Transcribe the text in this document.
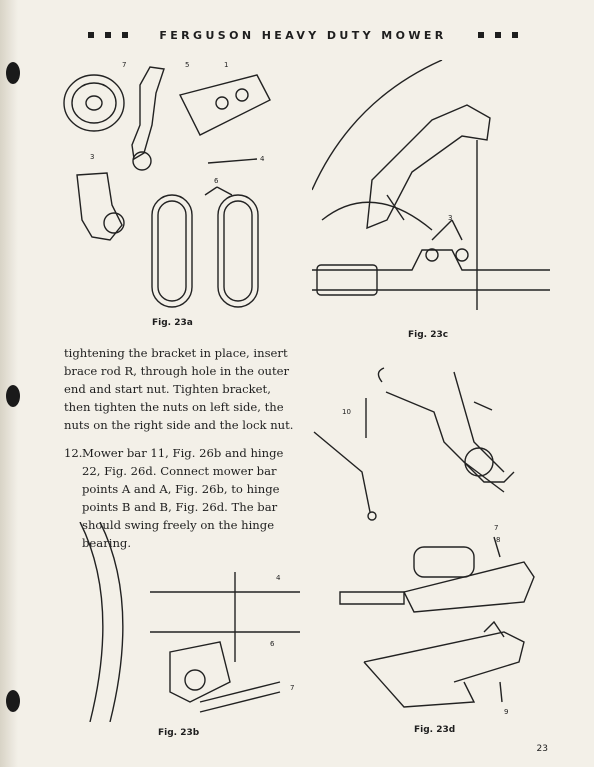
FERGUSON HEAVY DUTY MOWER
7	5	1
3	4
6
Fig. 23a
3
Fig. 23c

tightening the bracket in place, insert brace rod R, through hole in the outer end and start nut. Tighten bracket, then tighten the nuts on left side, the nuts on the right side and the lock nut.

12. Mower bar 11, Fig. 26b and hinge 22, Fig. 26d. Connect mower bar points A and A, Fig. 26b, to hinge points B and B, Fig. 26d. The bar should swing freely on the hinge bearing.

10
7
8
9
Fig. 23d
4
6
7
Fig. 23b
23
